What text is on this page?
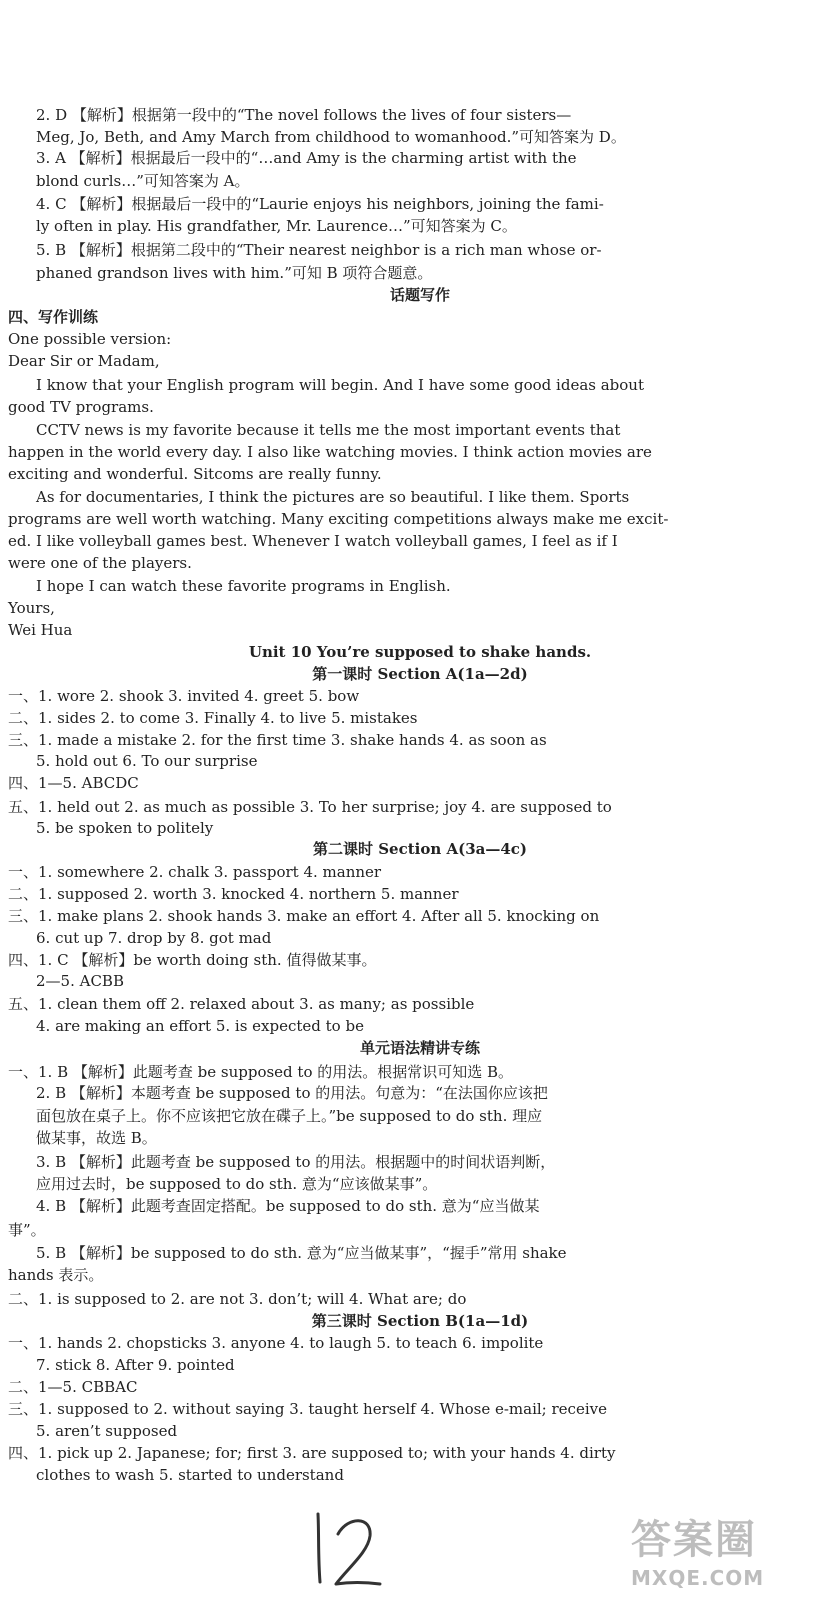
2. D 【解析】根据第一段中的“The novel follows the lives of four sisters—
Meg, Jo, Beth, and Amy March from childhood to womanhood.”可知答案为 D。
3. A 【解析】根据最后一段中的“…and Amy is the charming artist with the
blond curls…”可知答案为 A。
4. C 【解析】根据最后一段中的“Laurie enjoys his neighbors, joining the fami-
ly often in play. His grandfather, Mr. Laurence…”可知答案为 C。
5. B 【解析】根据第二段中的“Their nearest neighbor is a rich man whose or-
phaned grandson lives with him.”可知 B 项符合题意。
话题写作
四、写作训练
One possible version:
Dear Sir or Madam,
I know that your English program will begin. And I have some good ideas about
good TV programs.
CCTV news is my favorite because it tells me the most important events that
happen in the world every day. I also like watching movies. I think action movies are
exciting and wonderful. Sitcoms are really funny.
As for documentaries, I think the pictures are so beautiful. I like them. Sports
programs are well worth watching. Many exciting competitions always make me excit-
ed. I like volleyball games best. Whenever I watch volleyball games, I feel as if I
were one of the players.
I hope I can watch these favorite programs in English.
Yours,
Wei Hua
Unit 10 You’re supposed to shake hands.
第一课时 Section A(1a—2d)
一、1. wore 2. shook 3. invited 4. greet 5. bow
二、1. sides 2. to come 3. Finally 4. to live 5. mistakes
三、1. made a mistake 2. for the first time 3. shake hands 4. as soon as
5. hold out 6. To our surprise
四、1—5. ABCDC
五、1. held out 2. as much as possible 3. To her surprise; joy 4. are supposed to
5. be spoken to politely
第二课时 Section A(3a—4c)
一、1. somewhere 2. chalk 3. passport 4. manner
二、1. supposed 2. worth 3. knocked 4. northern 5. manner
三、1. make plans 2. shook hands 3. make an effort 4. After all 5. knocking on
6. cut up 7. drop by 8. got mad
四、1. C 【解析】be worth doing sth. 值得做某事。
2—5. ACBB
五、1. clean them off 2. relaxed about 3. as many; as possible
4. are making an effort 5. is expected to be
单元语法精讲专练
一、1. B 【解析】此题考查 be supposed to 的用法。根据常识可知选 B。
2. B 【解析】本题考查 be supposed to 的用法。句意为：“在法国你应该把
面包放在桌子上。你不应该把它放在碟子上。”be supposed to do sth. 理应
做某事，故选 B。
3. B 【解析】此题考查 be supposed to 的用法。根据题中的时间状语判断，
应用过去时，be supposed to do sth. 意为“应该做某事”。
4. B 【解析】此题考查固定搭配。be supposed to do sth. 意为“应当做某
事”。
5. B 【解析】be supposed to do sth. 意为“应当做某事”，“握手”常用 shake
hands 表示。
二、1. is supposed to 2. are not 3. don’t; will 4. What are; do
第三课时 Section B(1a—1d)
一、1. hands 2. chopsticks 3. anyone 4. to laugh 5. to teach 6. impolite
7. stick 8. After 9. pointed
二、1—5. CBBAC
三、1. supposed to 2. without saying 3. taught herself 4. Whose e-mail; receive
5. aren’t supposed
四、1. pick up 2. Japanese; for; first 3. are supposed to; with your hands 4. dirty
clothes to wash 5. started to understand
答案圈
MXQE.COM
